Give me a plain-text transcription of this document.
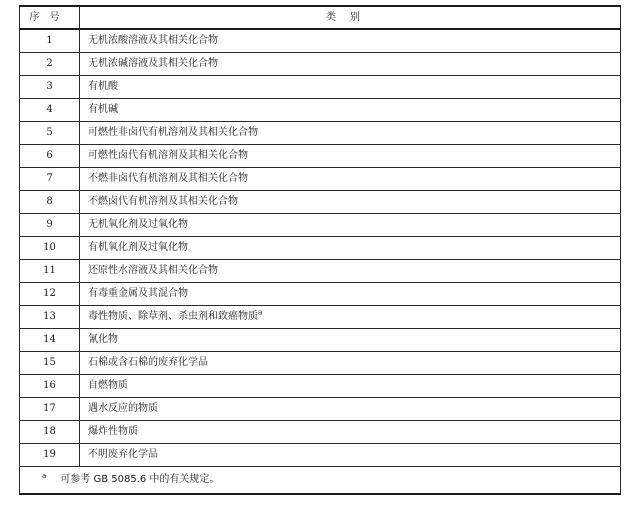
序号	类别
1	无机浓酸溶液及其相关化合物
2	无机浓碱溶液及其相关化合物
3	有机酸
4	有机碱
5	可燃性非卤代有机溶剂及其相关化合物
6	可燃性卤代有机溶剂及其相关化合物
7	不燃非卤代有机溶剂及其相关化合物
8	不燃卤代有机溶剂及其相关化合物
9	无机氧化剂及过氧化物
10	有机氧化剂及过氧化物
11	还原性水溶液及其相关化合物
12	有毒重金属及其混合物
13	毒性物质、除草剂、杀虫剂和致癌物质$^a$
14	氰化物
15	石棉或含石棉的废弃化学品
16	自燃物质
17	遇水反应的物质
18	爆炸性物质
19	不明废弃化学品
$^a$ 可参考 GB 5085.6 中的有关规定。	
